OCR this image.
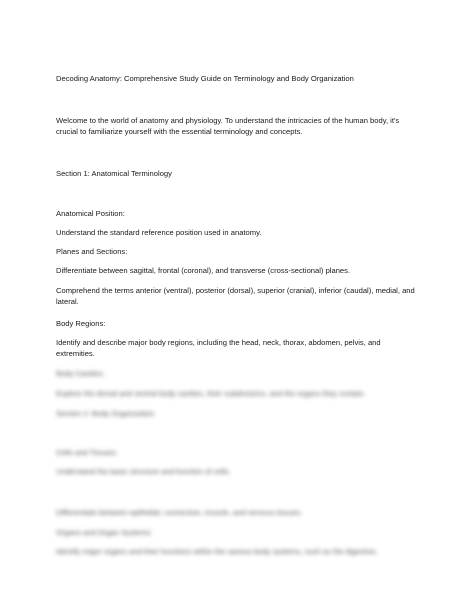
Decoding Anatomy: Comprehensive Study Guide on Terminology and Body Organization
Welcome to the world of anatomy and physiology. To understand the intricacies of the human body, it's crucial to familiarize yourself with the essential terminology and concepts.
Section 1: Anatomical Terminology
Anatomical Position:
Understand the standard reference position used in anatomy.
Planes and Sections:
Differentiate between sagittal, frontal (coronal), and transverse (cross-sectional) planes.
Comprehend the terms anterior (ventral), posterior (dorsal), superior (cranial), inferior (caudal), medial, and lateral.
Body Regions:
Identify and describe major body regions, including the head, neck, thorax, abdomen, pelvis, and extremities.
Body Cavities:
Explore the dorsal and ventral body cavities, their subdivisions, and the organs they contain.
Section 2: Body Organization
Cells and Tissues:
Understand the basic structure and function of cells.
Differentiate between epithelial, connective, muscle, and nervous tissues.
Organs and Organ Systems:
Identify major organs and their functions within the various body systems, such as the digestive,
